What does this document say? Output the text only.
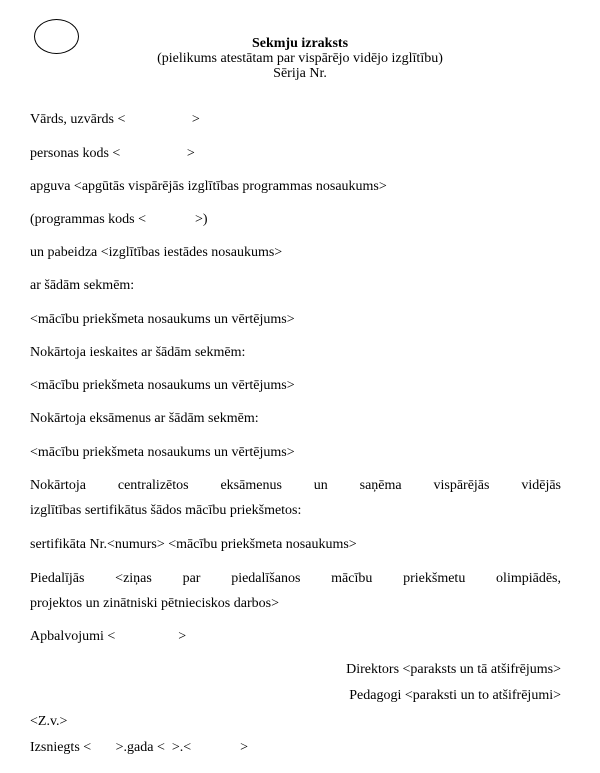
Sekmju izraksts
(pielikums atestātam par vispārējo vidējo izglītību)
Sērija Nr.
Vārds, uzvārds <                   >
personas kods <                   >
apguva <apgūtās vispārējās izglītības programmas nosaukums>
(programmas kods <              >)
un pabeidza <izglītības iestādes nosaukums>
ar šādām sekmēm:
<mācību priekšmeta nosaukums un vērtējums>
Nokārtoja ieskaites ar šādām sekmēm:
<mācību priekšmeta nosaukums un vērtējums>
Nokārtoja eksāmenus ar šādām sekmēm:
<mācību priekšmeta nosaukums un vērtējums>
Nokārtoja centralizētos eksāmenus un saņēma vispārējās vidējās
izglītības sertifikātus šādos mācību priekšmetos:
sertifikāta Nr.<numurs> <mācību priekšmeta nosaukums>
Piedalījās <ziņas par piedalīšanos mācību priekšmetu olimpiādēs,
projektos un zinātniski pētnieciskos darbos>
Apbalvojumi <                  >
Direktors <paraksts un tā atšifrējums>
Pedagogi <paraksti un to atšifrējumi>
<Z.v.>
Izsniegts <       >.gada <  >.<              >
